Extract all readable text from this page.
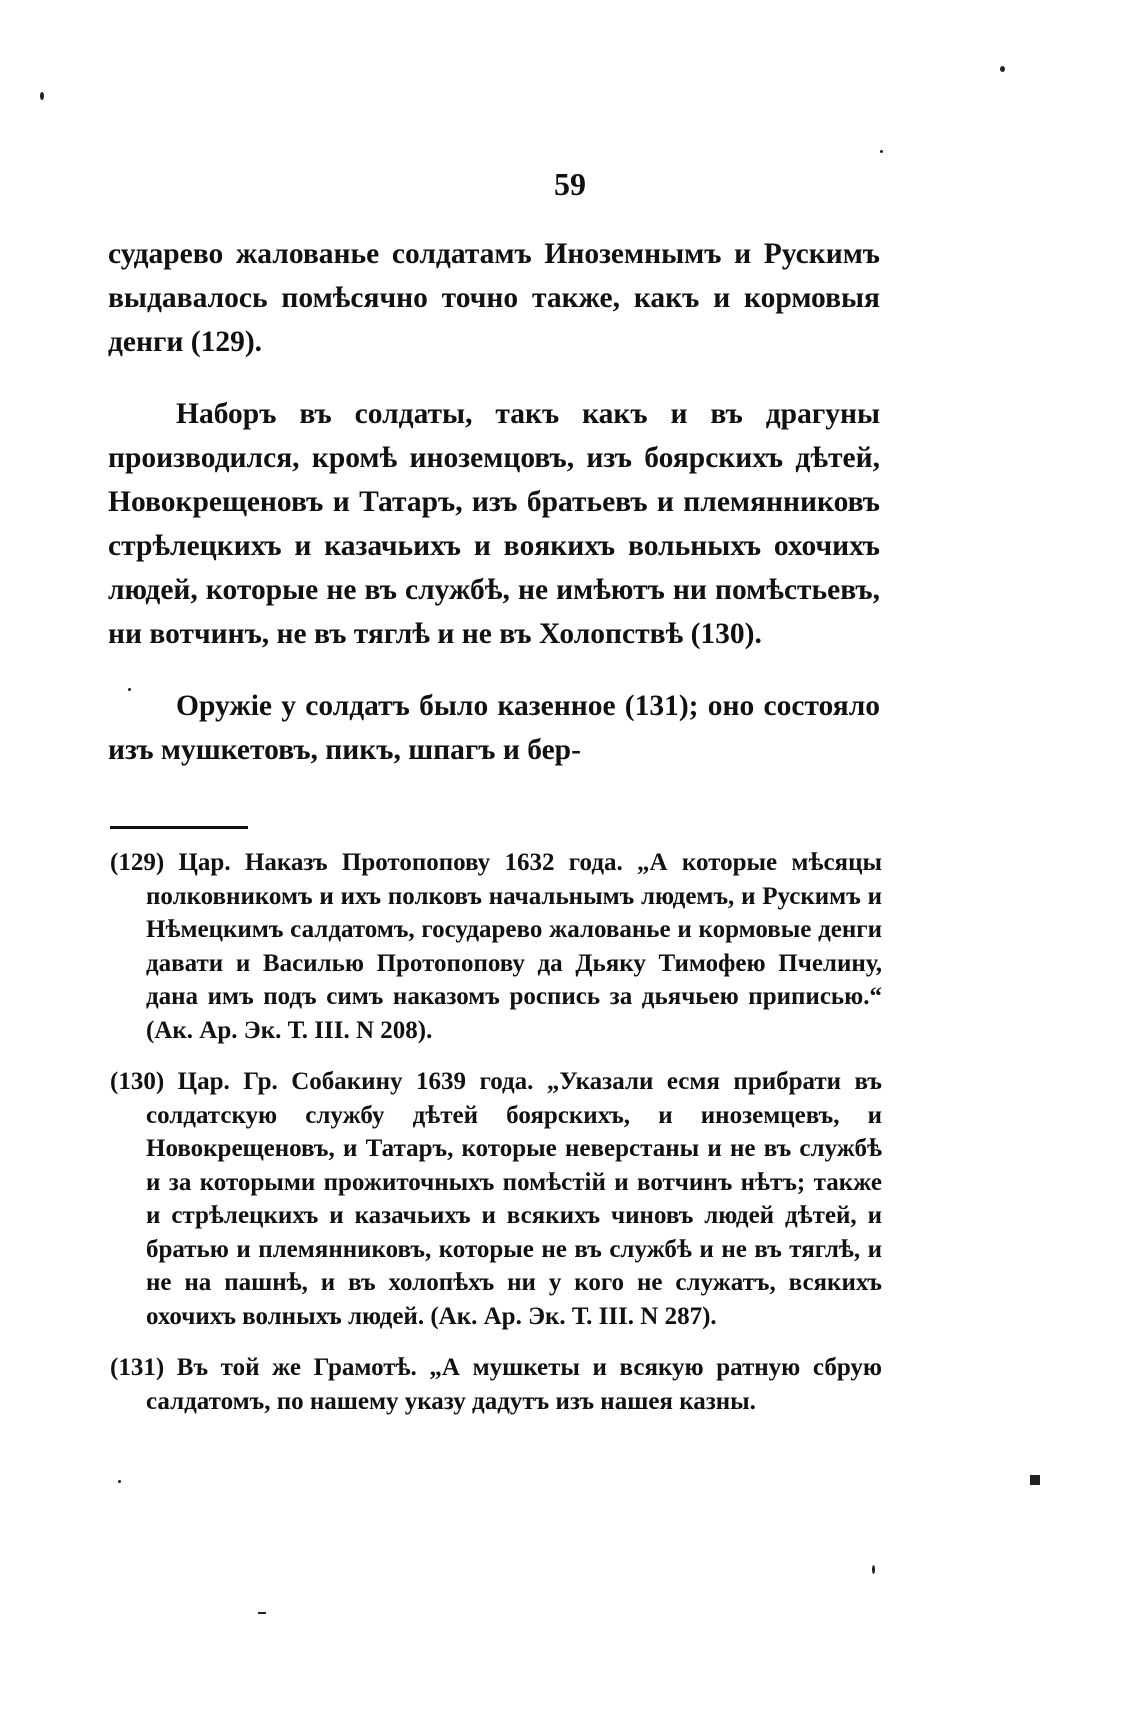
59

сударево жалованье солдатамъ Иноземнымъ и Рускимъ выдавалось помѣсячно точно также, какъ и кормовыя денги (129).

Наборъ въ солдаты, такъ какъ и въ драгуны производился, кромѣ иноземцовъ, изъ боярскихъ дѣтей, Новокрещеновъ и Татаръ, изъ братьевъ и племянниковъ стрѣлецкихъ и казачьихъ и вoякихъ вольныхъ охочихъ людей, которые не въ службѣ, не имѣютъ ни помѣстьевъ, ни вотчинъ, не въ тяглѣ и не въ Холопствѣ (130).

Оружіе у солдатъ было казенное (131); оно состояло изъ мушкетовъ, пикъ, шпагъ и бер-

(129) Цар. Наказъ Протопопову 1632 года. „А которые мѣсяцы полковникомъ и ихъ полковъ начальнымъ людемъ, и Рускимъ и Нѣмецкимъ салдатомъ, государево жалованье и кормовые денги давати и Василью Протопопову да Дьяку Тимофею Пчелину, дана имъ подъ симъ наказомъ роспись за дьячьею приписью.“ (Ак. Ар. Эк. Т. III. N 208).
(130) Цар. Гр. Собакину 1639 года. „Указали есмя прибрати въ солдатскую службу дѣтей боярскихъ, и иноземцевъ, и Новокрещеновъ, и Татаръ, которые неверстаны и не въ службѣ и за которыми прожиточныхъ помѣстій и вотчинъ нѣтъ; также и стрѣлецкихъ и казачьихъ и всякихъ чиновъ людей дѣтей, и братью и племянниковъ, которые не въ службѣ и не въ тяглѣ, и не на пашнѣ, и въ холопѣхъ ни у кого не служатъ, всякихъ охочихъ волныхъ людей. (Ак. Ар. Эк. Т. III. N 287).
(131) Въ той же Грамотѣ. „А мушкеты и всякую ратную сбрую салдатомъ, по нашему указу дадутъ изъ нашея казны.
